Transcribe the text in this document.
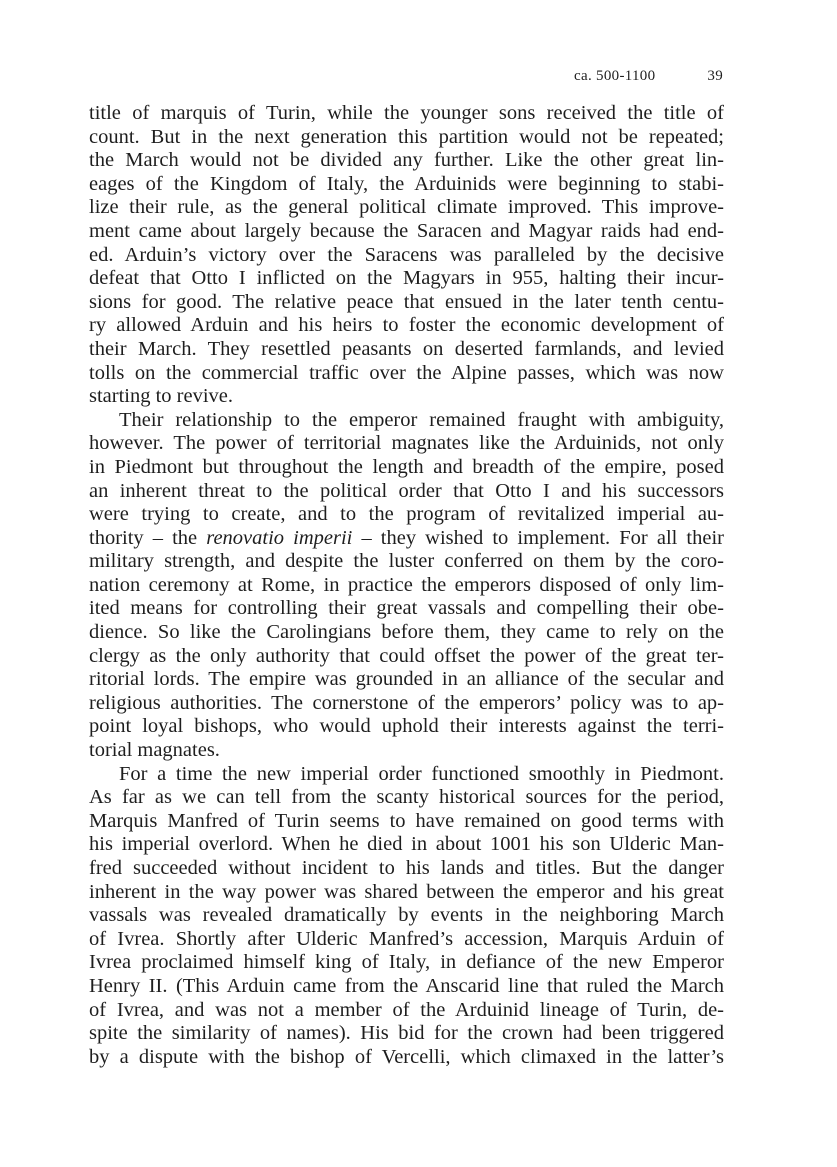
ca. 500-1100	39

title of marquis of Turin, while the younger sons received the title of

count. But in the next generation this partition would not be repeated;

the March would not be divided any further. Like the other great lin-

eages of the Kingdom of Italy, the Arduinids were beginning to stabi-

lize their rule, as the general political climate improved. This improve-

ment came about largely because the Saracen and Magyar raids had end-

ed. Arduin’s victory over the Saracens was paralleled by the decisive

defeat that Otto I inflicted on the Magyars in 955, halting their incur-

sions for good. The relative peace that ensued in the later tenth centu-

ry allowed Arduin and his heirs to foster the economic development of

their March. They resettled peasants on deserted farmlands, and levied

tolls on the commercial traffic over the Alpine passes, which was now

starting to revive.

Their relationship to the emperor remained fraught with ambiguity,

however. The power of territorial magnates like the Arduinids, not only

in Piedmont but throughout the length and breadth of the empire, posed

an inherent threat to the political order that Otto I and his successors

were trying to create, and to the program of revitalized imperial au-

thority – the renovatio imperii – they wished to implement. For all their

military strength, and despite the luster conferred on them by the coro-

nation ceremony at Rome, in practice the emperors disposed of only lim-

ited means for controlling their great vassals and compelling their obe-

dience. So like the Carolingians before them, they came to rely on the

clergy as the only authority that could offset the power of the great ter-

ritorial lords. The empire was grounded in an alliance of the secular and

religious authorities. The cornerstone of the emperors’ policy was to ap-

point loyal bishops, who would uphold their interests against the terri-

torial magnates.

For a time the new imperial order functioned smoothly in Piedmont.

As far as we can tell from the scanty historical sources for the period,

Marquis Manfred of Turin seems to have remained on good terms with

his imperial overlord. When he died in about 1001 his son Ulderic Man-

fred succeeded without incident to his lands and titles. But the danger

inherent in the way power was shared between the emperor and his great

vassals was revealed dramatically by events in the neighboring March

of Ivrea. Shortly after Ulderic Manfred’s accession, Marquis Arduin of

Ivrea proclaimed himself king of Italy, in defiance of the new Emperor

Henry II. (This Arduin came from the Anscarid line that ruled the March

of Ivrea, and was not a member of the Arduinid lineage of Turin, de-

spite the similarity of names). His bid for the crown had been triggered

by a dispute with the bishop of Vercelli, which climaxed in the latter’s
